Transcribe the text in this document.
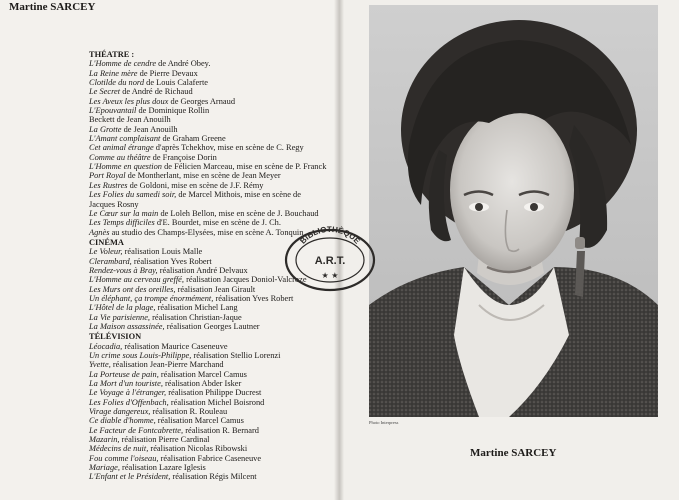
Martine SARCEY
THÉATRE :
L'Homme de cendre de André Obey.
La Reine mère de Pierre Devaux
Clotilde du nord de Louis Calaferte
Le Secret de André de Richaud
Les Aveux les plus doux de Georges Arnaud
L'Epouvantail de Dominique Rollin
Beckett de Jean Anouilh
La Grotte de Jean Anouilh
L'Amant complaisant de Graham Greene
Cet animal étrange d'après Tchekhov, mise en scène de C. Regy
Comme au théâtre de Françoise Dorin
L'Homme en question de Félicien Marceau, mise en scène de P. Franck
Port Royal de Montherlant, mise en scène de Jean Meyer
Les Rustres de Goldoni, mise en scène de J.F. Rémy
Les Folies du samedi soir, de Marcel Mithois, mise en scène de Jacques Rosny
Le Cœur sur la main de Loleh Bellon, mise en scène de J. Bouchaud
Les Temps difficiles d'E. Bourdet, mise en scène de J. Ch.
Agnès au studio des Champs-Elysées, mise en scène A. Tonquin
CINÉMA
Le Voleur, réalisation Louis Malle
Clerambard, réalisation Yves Robert
Rendez-vous à Bray, réalisation André Delvaux
L'Homme au cerveau greffé, réalisation Jacques Doniol-Valcroze
Les Murs ont des oreilles, réalisation Jean Girault
Un éléphant, ça trompe énormément, réalisation Yves Robert
L'Hôtel de la plage, réalisation Michel Lang
La Vie parisienne, réalisation Christian-Jaque
La Maison assassinée, réalisation Georges Lautner
TÉLÉVISION
Léocadia, réalisation Maurice Caseneuve
Un crime sous Louis-Philippe, réalisation Stellio Lorenzi
Yvette, réalisation Jean-Pierre Marchand
La Porteuse de pain, réalisation Marcel Camus
La Mort d'un touriste, réalisation Abder Isker
Le Voyage à l'étranger, réalisation Philippe Ducrest
Les Folies d'Offenbach, réalisation Michel Boisrond
Virage dangereux, réalisation R. Rouleau
Ce diable d'homme, réalisation Marcel Camus
Le Facteur de Fontcabrette, réalisation R. Bernard
Mazarin, réalisation Pierre Cardinal
Médecins de nuit, réalisation Nicolas Ribowski
Fou comme l'oiseau, réalisation Fabrice Caseneuve
Mariage, réalisation Lazare Iglesis
L'Enfant et le Président, réalisation Régis Milcent
Photo Interpress
Martine SARCEY
BIBLIOTHÈQUE
A.R.T.
★ ★
